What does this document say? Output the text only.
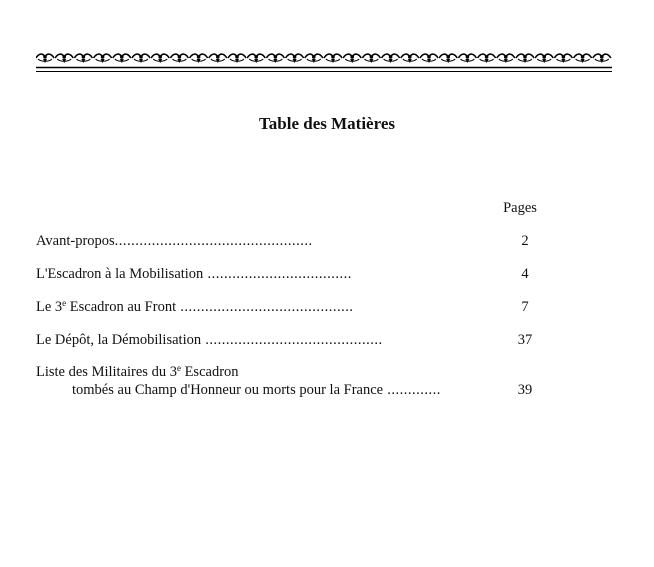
Table des Matières
Pages
Avant-propos................................................	2
L'Escadron à la Mobilisation ...................................	4
Le 3e Escadron au Front ..........................................	7
Le Dépôt, la Démobilisation ...........................................	37
Liste des Militaires du 3e Escadron
tombés au Champ d'Honneur ou morts pour la France .............	39
